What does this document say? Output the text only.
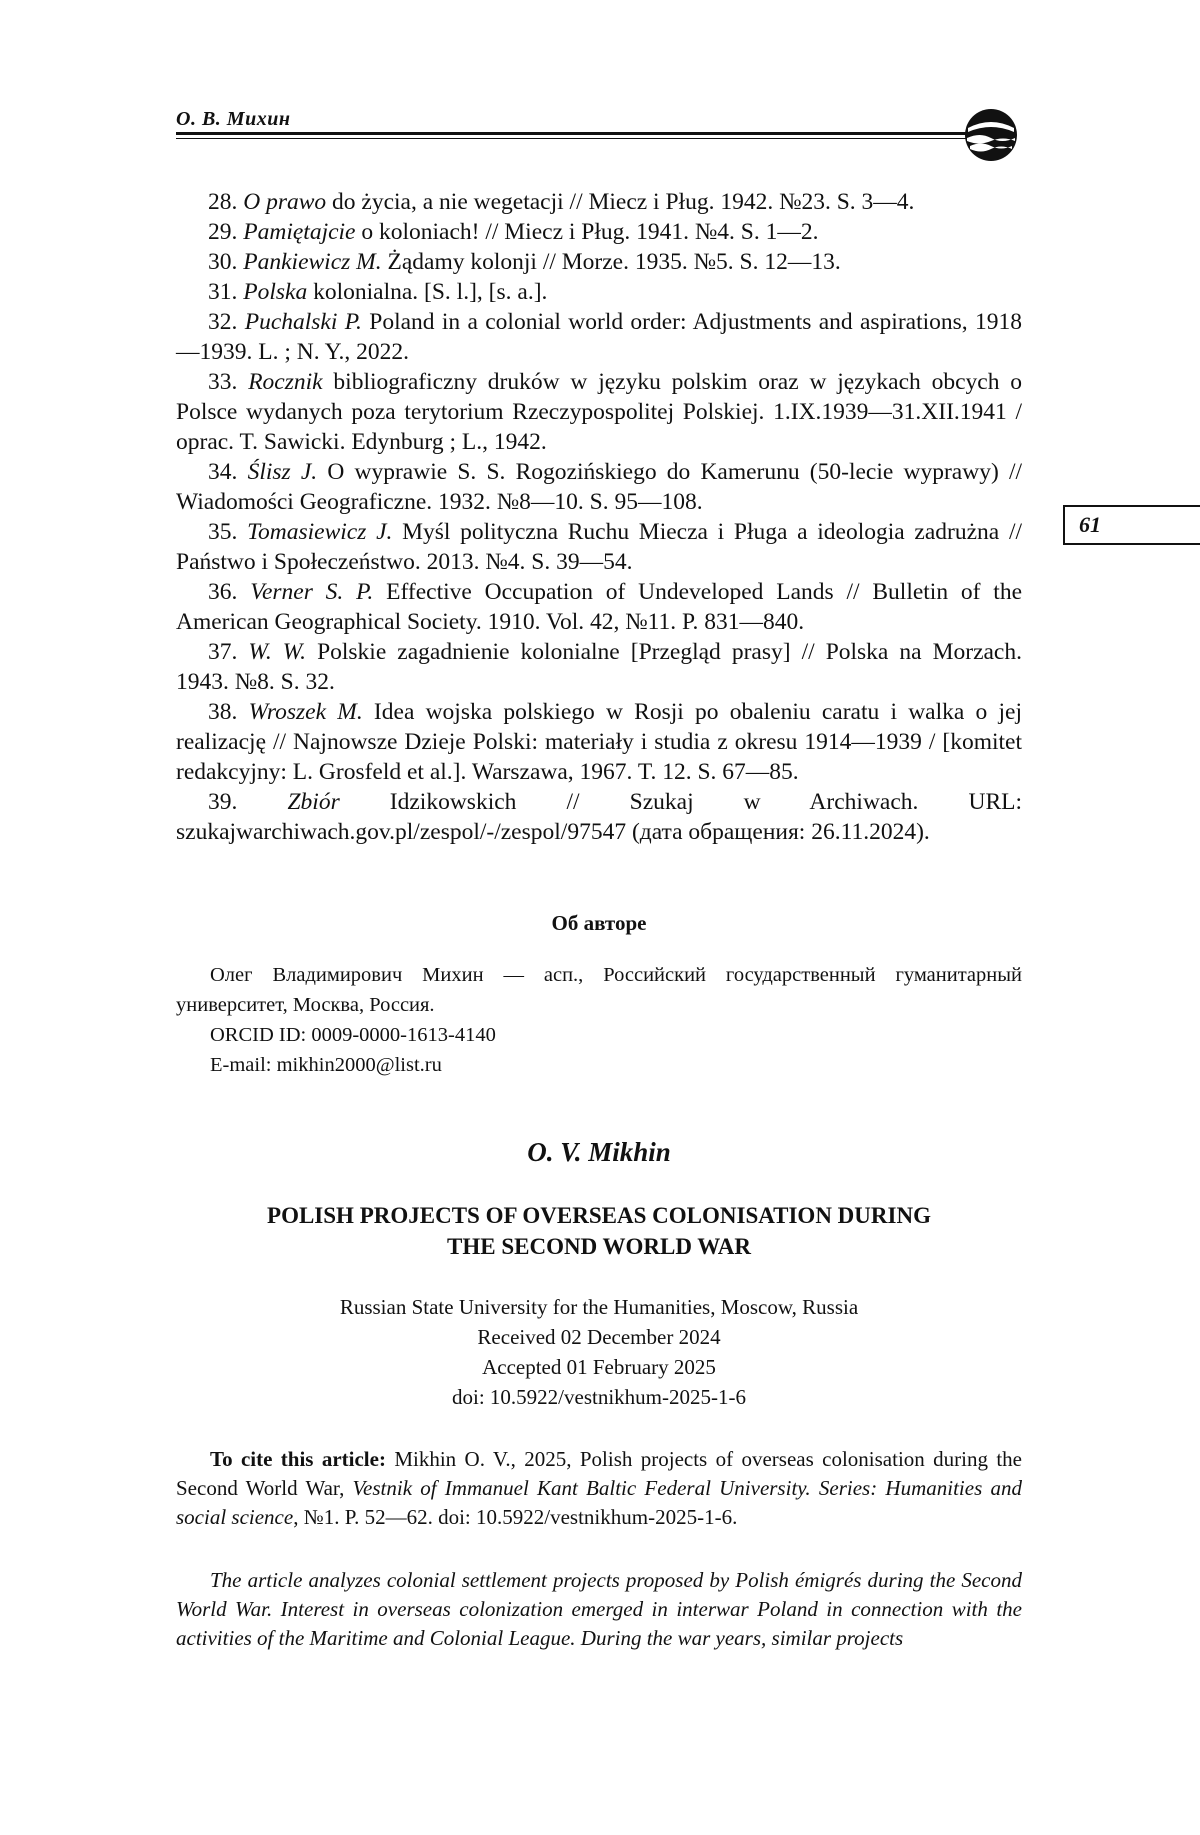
О. В. Михин
61

28. O prawo do życia, a nie wegetacji // Miecz i Pług. 1942. №23. S. 3—4.

29. Pamiętajcie o koloniach! // Miecz i Pług. 1941. №4. S. 1—2.

30. Pankiewicz M. Żądamy kolonji // Morze. 1935. №5. S. 12—13.

31. Polska kolonialna. [S. l.], [s. a.].

32. Puchalski P. Poland in a colonial world order: Adjustments and aspirations, 1918—1939. L. ; N. Y., 2022.

33. Rocznik bibliograficzny druków w języku polskim oraz w językach obcych o Polsce wydanych poza terytorium Rzeczypospolitej Polskiej. 1.IX.1939—31.XII.1941 / oprac. T. Sawicki. Edynburg ; L., 1942.

34. Ślisz J. O wyprawie S. S. Rogozińskiego do Kamerunu (50-lecie wyprawy) // Wiadomości Geograficzne. 1932. №8—10. S. 95—108.

35. Tomasiewicz J. Myśl polityczna Ruchu Miecza i Pługa a ideologia zadrużna // Państwo i Społeczeństwo. 2013. №4. S. 39—54.

36. Verner S. P. Effective Occupation of Undeveloped Lands // Bulletin of the American Geographical Society. 1910. Vol. 42, №11. P. 831—840.

37. W. W. Polskie zagadnienie kolonialne [Przegląd prasy] // Polska na Morzach. 1943. №8. S. 32.

38. Wroszek M. Idea wojska polskiego w Rosji po obaleniu caratu i walka o jej realizację // Najnowsze Dzieje Polski: materiały i studia z okresu 1914—1939 / [komitet redakcyjny: L. Grosfeld et al.]. Warszawa, 1967. T. 12. S. 67—85.

39. Zbiór Idzikowskich // Szukaj w Archiwach. URL: szukajwarchiwach.gov.pl/zespol/-/zespol/97547 (дата обращения: 26.11.2024).

Об авторе

Олег Владимирович Михин — асп., Российский государственный гуманитарный университет, Москва, Россия.

ORCID ID: 0009-0000-1613-4140

E-mail: mikhin2000@list.ru

O. V. Mikhin
POLISH PROJECTS OF OVERSEAS COLONISATION DURING
THE SECOND WORLD WAR
Russian State University for the Humanities, Moscow, Russia
Received 02 December 2024
Accepted 01 February 2025
doi: 10.5922/vestnikhum-2025-1-6
To cite this article: Mikhin O. V., 2025, Polish projects of overseas colonisation during the Second World War, Vestnik of Immanuel Kant Baltic Federal University. Series: Humanities and social science, №1. P. 52—62. doi: 10.5922/vestnikhum-2025-1-6.
The article analyzes colonial settlement projects proposed by Polish émigrés during the Second World War. Interest in overseas colonization emerged in interwar Poland in connection with the activities of the Maritime and Colonial League. During the war years, similar projects
